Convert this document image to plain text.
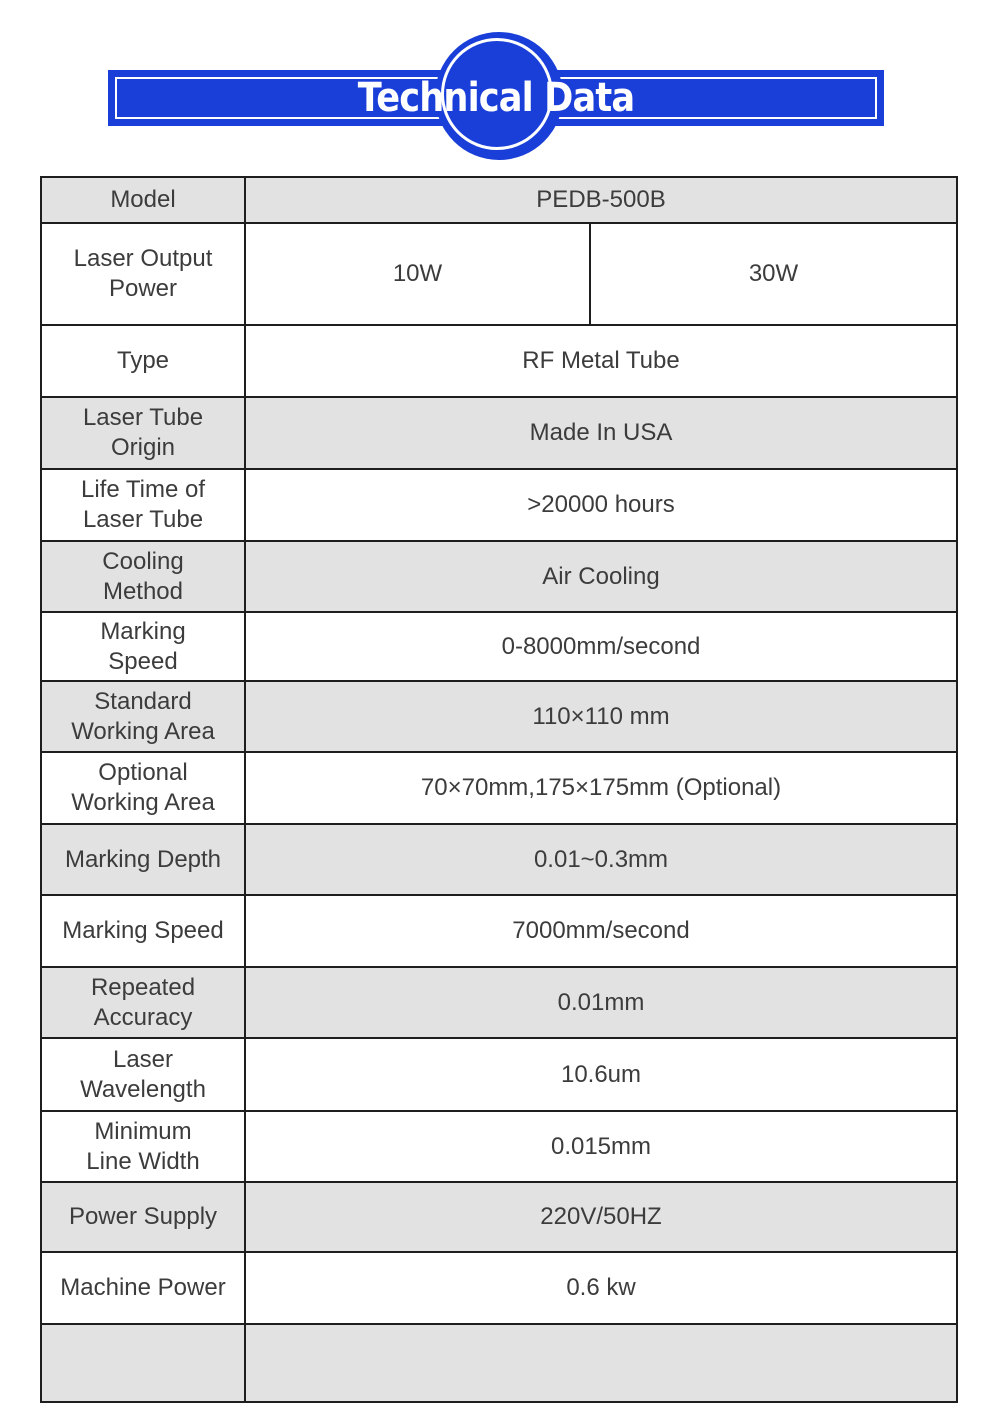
Technical Data
Model	PEDB-500B	
Laser Output
Power	10W	30W
Type	RF Metal Tube	
Laser Tube
Origin	Made In USA	
Life Time of
Laser Tube	>20000 hours	
Cooling
Method	Air Cooling	
Marking
Speed	0-8000mm/second	
Standard
Working Area	110×110 mm	
Optional
Working Area	70×70mm,175×175mm (Optional)	
Marking Depth	0.01~0.3mm	
Marking Speed	7000mm/second	
Repeated
Accuracy	0.01mm	
Laser
Wavelength	10.6um	
Minimum
Line Width	0.015mm	
Power Supply	220V/50HZ	
Machine Power	0.6 kw	
